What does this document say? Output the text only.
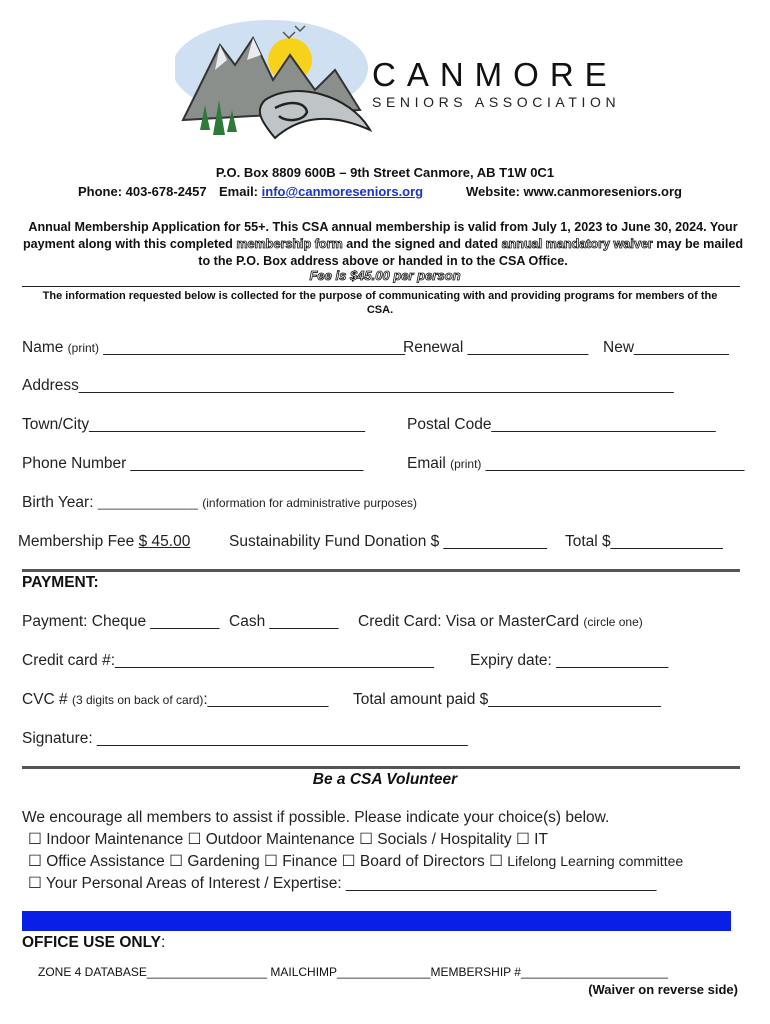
CANMORE
SENIORS ASSOCIATION
P.O. Box 8809 600B – 9th Street Canmore, AB T1W 0C1
Phone: 403-678-2457 Email: info@canmoreseniors.org	Website: www.canmoreseniors.org
Annual Membership Application for 55+. This CSA annual membership is valid from July 1, 2023 to June 30, 2024. Your payment along with this completed membership form and the signed and dated annual mandatory waiver may be mailed to the P.O. Box address above or handed in to the CSA Office.
Fee is $45.00 per person
The information requested below is collected for the purpose of communicating with and providing programs for members of the CSA.
Name (print) ___________________________________
Renewal ______________ New___________
Address_____________________________________________________________________
Town/City________________________________	Postal Code__________________________
Phone Number ___________________________	Email (print) ______________________________
Birth Year: _______________ (information for administrative purposes)
Membership Fee $ 45.00 Sustainability Fund Donation $ ____________ Total $_____________
PAYMENT:
Payment: Cheque ________ Cash ________ Credit Card: Visa or MasterCard (circle one)
Credit card #:_____________________________________ Expiry date: _____________
CVC # (3 digits on back of card):______________ Total amount paid $____________________
Signature: ___________________________________________
Be a CSA Volunteer
We encourage all members to assist if possible. Please indicate your choice(s) below.
☐ Indoor Maintenance ☐ Outdoor Maintenance ☐ Socials / Hospitality ☐ IT
☐ Office Assistance ☐ Gardening ☐ Finance ☐ Board of Directors ☐ Lifelong Learning committee
☐ Your Personal Areas of Interest / Expertise: ____________________________________
OFFICE USE ONLY:
ZONE 4 DATABASE__________________ MAILCHIMP______________MEMBERSHIP #______________________
(Waiver on reverse side)
